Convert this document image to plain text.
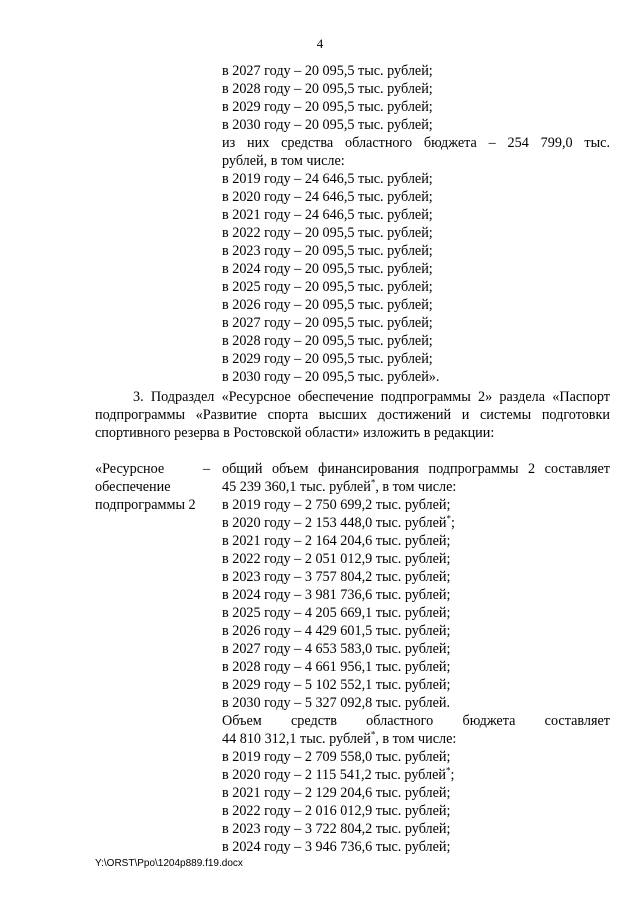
4
в 2027 году – 20 095,5 тыс. рублей;
в 2028 году – 20 095,5 тыс. рублей;
в 2029 году – 20 095,5 тыс. рублей;
в 2030 году – 20 095,5 тыс. рублей;
из них средства областного бюджета – 254 799,0 тыс.
рублей, в том числе:
в 2019 году – 24 646,5 тыс. рублей;
в 2020 году – 24 646,5 тыс. рублей;
в 2021 году – 24 646,5 тыс. рублей;
в 2022 году – 20 095,5 тыс. рублей;
в 2023 году – 20 095,5 тыс. рублей;
в 2024 году – 20 095,5 тыс. рублей;
в 2025 году – 20 095,5 тыс. рублей;
в 2026 году – 20 095,5 тыс. рублей;
в 2027 году – 20 095,5 тыс. рублей;
в 2028 году – 20 095,5 тыс. рублей;
в 2029 году – 20 095,5 тыс. рублей;
в 2030 году – 20 095,5 тыс. рублей».
3. Подраздел «Ресурсное обеспечение подпрограммы 2» раздела «Паспорт
подпрограммы «Развитие спорта высших достижений и системы подготовки
спортивного резерва в Ростовской области» изложить в редакции:
«Ресурсное
обеспечение
подпрограммы 2
– общий объем финансирования подпрограммы 2 составляет
45 239 360,1 тыс. рублей*, в том числе:
в 2019 году – 2 750 699,2 тыс. рублей;
в 2020 году – 2 153 448,0 тыс. рублей*;
в 2021 году – 2 164 204,6 тыс. рублей;
в 2022 году – 2 051 012,9 тыс. рублей;
в 2023 году – 3 757 804,2 тыс. рублей;
в 2024 году – 3 981 736,6 тыс. рублей;
в 2025 году – 4 205 669,1 тыс. рублей;
в 2026 году – 4 429 601,5 тыс. рублей;
в 2027 году – 4 653 583,0 тыс. рублей;
в 2028 году – 4 661 956,1 тыс. рублей;
в 2029 году – 5 102 552,1 тыс. рублей;
в 2030 году – 5 327 092,8 тыс. рублей.
Объем средств областного бюджета составляет
44 810 312,1 тыс. рублей*, в том числе:
в 2019 году – 2 709 558,0 тыс. рублей;
в 2020 году – 2 115 541,2 тыс. рублей*;
в 2021 году – 2 129 204,6 тыс. рублей;
в 2022 году – 2 016 012,9 тыс. рублей;
в 2023 году – 3 722 804,2 тыс. рублей;
в 2024 году – 3 946 736,6 тыс. рублей;
Y:\ORST\Ppo\1204p889.f19.docx
